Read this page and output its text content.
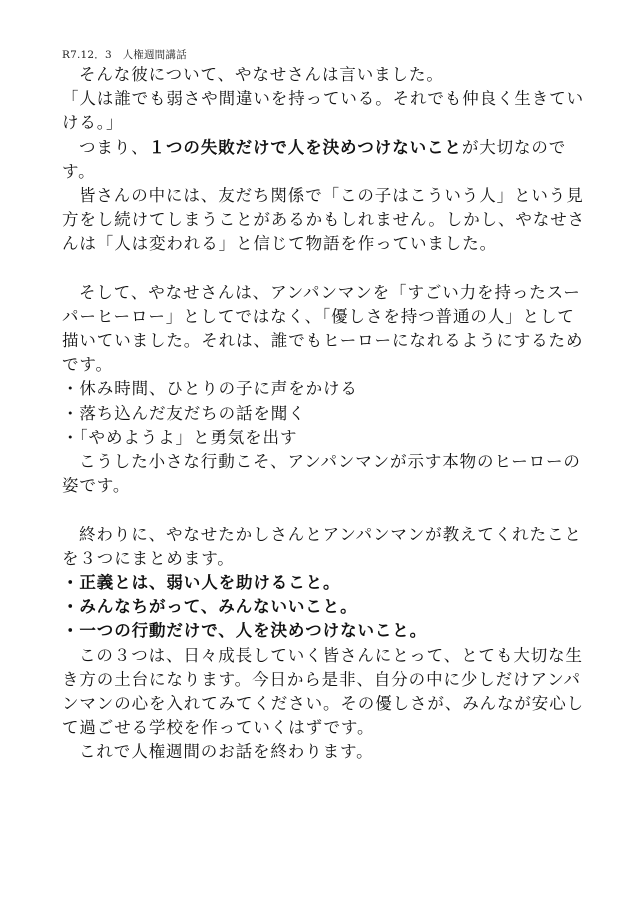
R7.12．3　人権週間講話
そんな彼について、やなせさんは言いました。
「人は誰でも弱さや間違いを持っている。それでも仲良く生きてい
ける。」
つまり、１つの失敗だけで人を決めつけないことが大切なので
す。
皆さんの中には、友だち関係で「この子はこういう人」という見
方をし続けてしまうことがあるかもしれません。しかし、やなせさ
んは「人は変われる」と信じて物語を作っていました。
そして、やなせさんは、アンパンマンを「すごい力を持ったスー
パーヒーロー」としてではなく、「優しさを持つ普通の人」として
描いていました。それは、誰でもヒーローになれるようにするため
です。
・休み時間、ひとりの子に声をかける
・落ち込んだ友だちの話を聞く
・「やめようよ」と勇気を出す
こうした小さな行動こそ、アンパンマンが示す本物のヒーローの
姿です。
終わりに、やなせたかしさんとアンパンマンが教えてくれたこと
を３つにまとめます。
・正義とは、弱い人を助けること。
・みんなちがって、みんないいこと。
・一つの行動だけで、人を決めつけないこと。
この３つは、日々成長していく皆さんにとって、とても大切な生
き方の土台になります。今日から是非、自分の中に少しだけアンパ
ンマンの心を入れてみてください。その優しさが、みんなが安心し
て過ごせる学校を作っていくはずです。
これで人権週間のお話を終わります。
